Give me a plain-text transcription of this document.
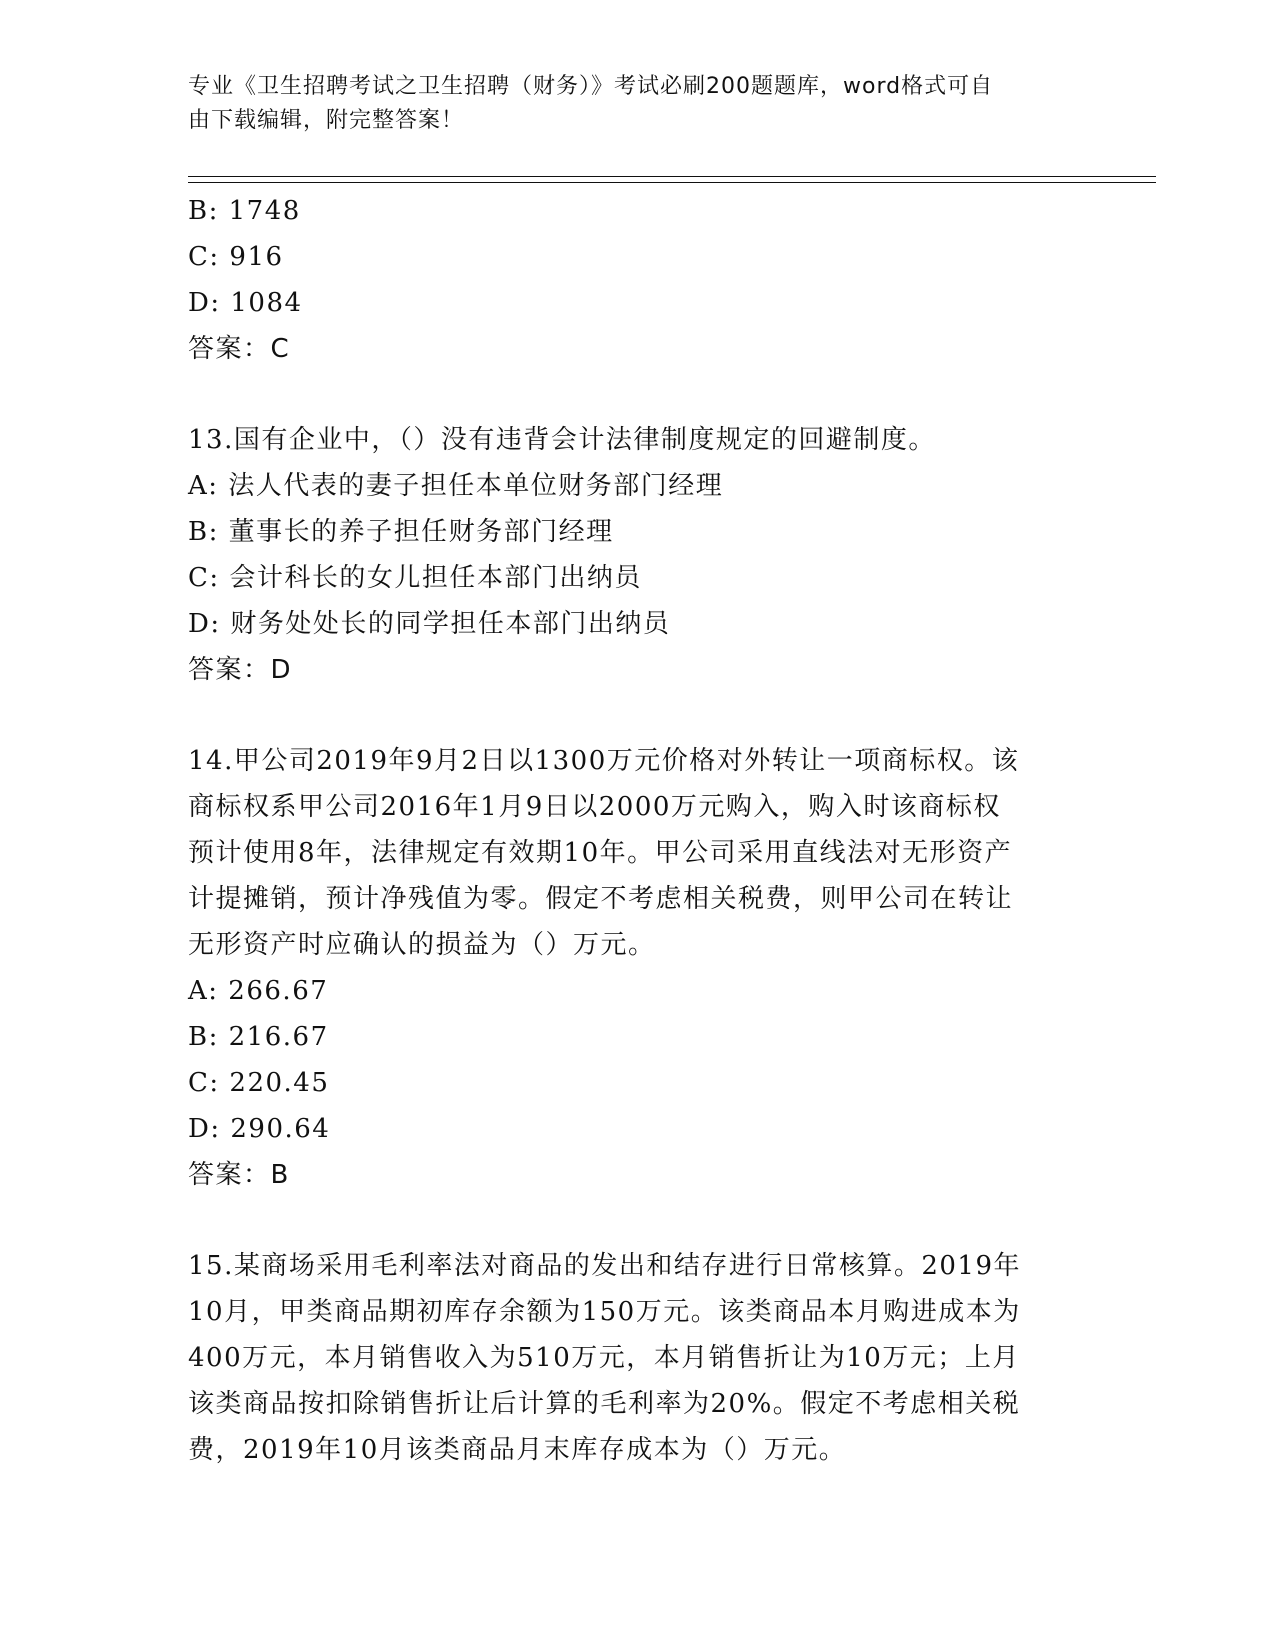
专业《卫生招聘考试之卫生招聘（财务）》考试必刷200题题库，word格式可自
由下载编辑，附完整答案！
B: 1748
C: 916
D: 1084
答案：C
13.国有企业中，（）没有违背会计法律制度规定的回避制度。
A: 法人代表的妻子担任本单位财务部门经理
B: 董事长的养子担任财务部门经理
C: 会计科长的女儿担任本部门出纳员
D: 财务处处长的同学担任本部门出纳员
答案：D
14.甲公司2019年9月2日以1300万元价格对外转让一项商标权。该
商标权系甲公司2016年1月9日以2000万元购入，购入时该商标权
预计使用8年，法律规定有效期10年。甲公司采用直线法对无形资产
计提摊销，预计净残值为零。假定不考虑相关税费，则甲公司在转让
无形资产时应确认的损益为（）万元。
A: 266.67
B: 216.67
C: 220.45
D: 290.64
答案：B
15.某商场采用毛利率法对商品的发出和结存进行日常核算。2019年
10月，甲类商品期初库存余额为150万元。该类商品本月购进成本为
400万元，本月销售收入为510万元，本月销售折让为10万元；上月
该类商品按扣除销售折让后计算的毛利率为20%。假定不考虑相关税
费，2019年10月该类商品月末库存成本为（）万元。
